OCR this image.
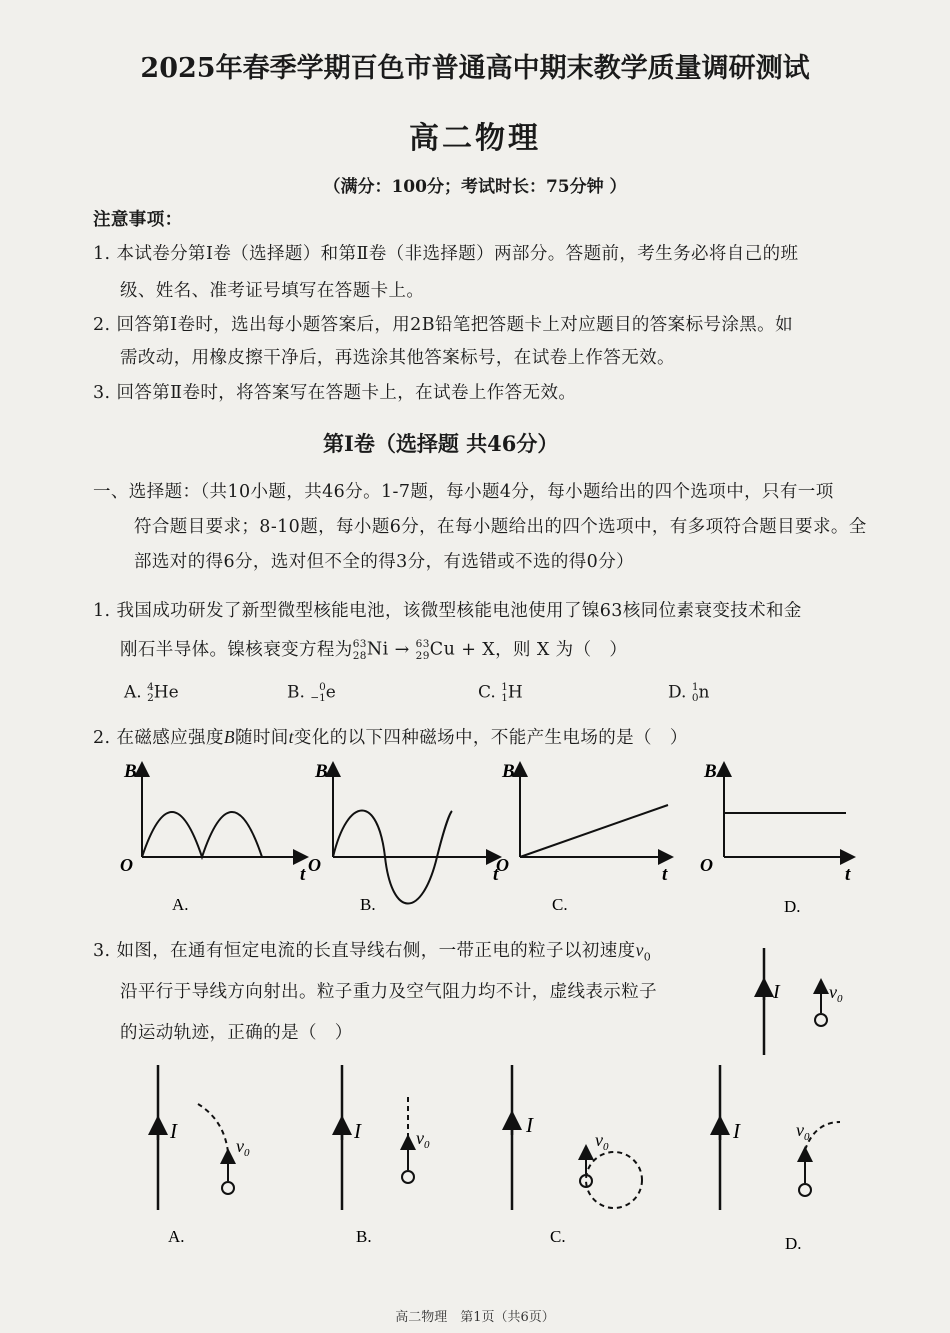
2025年春季学期百色市普通高中期末教学质量调研测试
高二物理
（满分：100分；考试时长：75分钟 ）
注意事项：
1. 本试卷分第Ⅰ卷（选择题）和第Ⅱ卷（非选择题）两部分。答题前，考生务必将自己的班
级、姓名、准考证号填写在答题卡上。
2. 回答第Ⅰ卷时，选出每小题答案后，用2B铅笔把答题卡上对应题目的答案标号涂黑。如
需改动，用橡皮擦干净后，再选涂其他答案标号，在试卷上作答无效。
3. 回答第Ⅱ卷时，将答案写在答题卡上，在试卷上作答无效。
第Ⅰ卷（选择题 共46分）
一、选择题：（共10小题，共46分。1-7题，每小题4分，每小题给出的四个选项中，只有一项
符合题目要求；8-10题，每小题6分，在每小题给出的四个选项中，有多项符合题目要求。全
部选对的得6分，选对但不全的得3分，有选错或不选的得0分）
1. 我国成功研发了新型微型核能电池，该微型核能电池使用了镍63核同位素衰变技术和金
刚石半导体。镍核衰变方程为 63
28 Ni → 63
29 Cu + X，则 X 为（　）
A. 4
2 He	B.	0
−1 e	C. 1
1 H	D. 1
0 n
2. 在磁感应强度B随时间t变化的以下四种磁场中，不能产生电场的是（　）
B
O	t
A.
B
O	t
B.
B
O	t
C.
B
O	t
D.
3. 如图，在通有恒定电流的长直导线右侧，一带正电的粒子以初速度$v_0$
沿平行于导线方向射出。粒子重力及空气阻力均不计，虚线表示粒子
的运动轨迹，正确的是（　）
I	$v_0$
I
$v_0$
A.
I	$v_0$
B.
I
$v_0$
C.
I	$v_0$
D.
高二物理　第1页（共6页）
